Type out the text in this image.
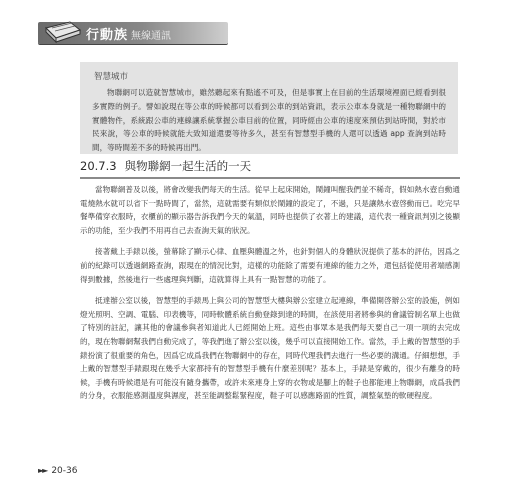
行動族 無線通訊
智慧城市
物聯網可以造就智慧城市，雖然聽起來有點遙不可及，但是事實上在目前的生活環境裡面已經看到很多實際的例子。譬如說現在等公車的時候都可以看到公車的到站資訊，表示公車本身就是一種物聯網中的實體物件，系統跟公車的連線讓系統掌握公車目前的位置，同時經由公車的速度來預估到站時間，對於市民來說，等公車的時候就能大致知道還要等待多久，甚至有智慧型手機的人還可以透過 app 查詢到站時間，等時間差不多的時候再出門。
20.7.3 與物聯網一起生活的一天

當物聯網普及以後，將會改變我們每天的生活。從早上起床開始，鬧鐘叫醒我們並不稀奇，假如熱水壺自動通電燒熱水就可以省下一點時間了，當然，這就需要有類似於鬧鐘的設定了，不過，只是讓熱水壺啓動而已。吃完早餐準備穿衣服時，衣櫃前的顯示器告訴我們今天的氣溫，同時也提供了衣著上的建議，這代表一種資訊判別之後顯示的功能，至少我們不用再自己去查詢天氣的狀況。

接著戴上手錶以後，螢幕除了顯示心律、血壓與體溫之外，也針對個人的身體狀況提供了基本的評估，因爲之前的紀錄可以透過網路查詢，跟現在的情況比對，這樣的功能除了需要有連線的能力之外，還包括從使用者端感測得到數據，然後進行一些處理與判斷，這就算得上具有一點智慧的功能了。

抵達辦公室以後，智慧型的手錶馬上與公司的智慧型大樓與辦公室建立起連線，準備開啓辦公室的設施，例如燈光照明、空調、電腦、印表機等，同時軟體系統自動登錄到達的時間，在該使用者將參與的會議管制名單上也做了特別的註記，讓其他的會議參與者知道此人已經開始上班。這些由事眾本是我們每天要自己一項一項的去完成的，現在物聯網幫我們自動完成了，等我們進了辦公室以後，幾乎可以直接開始工作。當然，手上戴的智慧型的手錶扮演了很重要的角色，因爲它成爲我們在物聯網中的存在，同時代理我們去進行一些必要的溝通。仔細想想，手上戴的智慧型手錶跟現在幾乎大家都持有的智慧型手機有什麼差別呢？基本上，手錶是穿戴的，很少有離身的時候，手機有時候還是有可能沒有隨身攜帶，或許未來連身上穿的衣物或是腳上的鞋子也都能連上物聯網，成爲我們的分身，衣服能感測溫度與濕度，甚至能調整鬆緊程度，鞋子可以感應路面的性質，調整氣墊的軟硬程度。

►► 20-36
